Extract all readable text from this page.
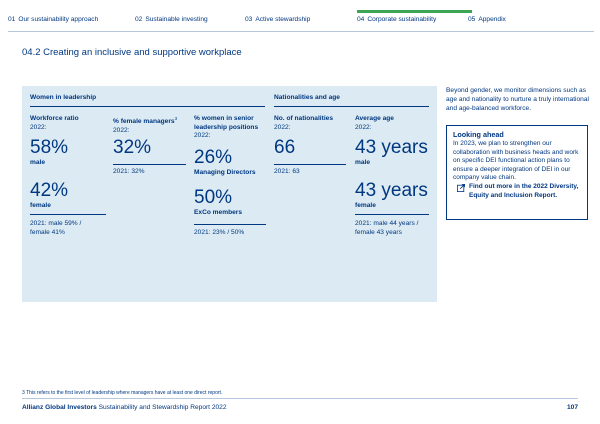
01 Our sustainability approach	02 Sustainable investing	03 Active stewardship	04 Corporate sustainability	05 Appendix
04.2 Creating an inclusive and supportive workplace
Women in leadership	Nationalities and age
Workforce ratio
2022:
58%
male
42%
female
2021: male 59% /
female 41%
% female managers$^3$
2022:
32%
2021: 32%
% women in senior
leadership positions
2022:
26%
Managing Directors
50%
ExCo members
2021: 23% / 50%
No. of nationalities
2022:
66
2021: 63
Average age
2022:
43 years
male
43 years
female
2021: male 44 years /
female 43 years
Beyond gender, we monitor dimensions such as age and nationality to nurture a truly international and age-balanced workforce.
Looking ahead
In 2023, we plan to strengthen our collaboration with business heads and work on specific DEI functional action plans to ensure a deeper integration of DEI in our company value chain.
Find out more in the 2022 Diversity, Equity and Inclusion Report.
3 This refers to the first level of leadership where managers have at least one direct report.
Allianz Global Investors Sustainability and Stewardship Report 2022	107
